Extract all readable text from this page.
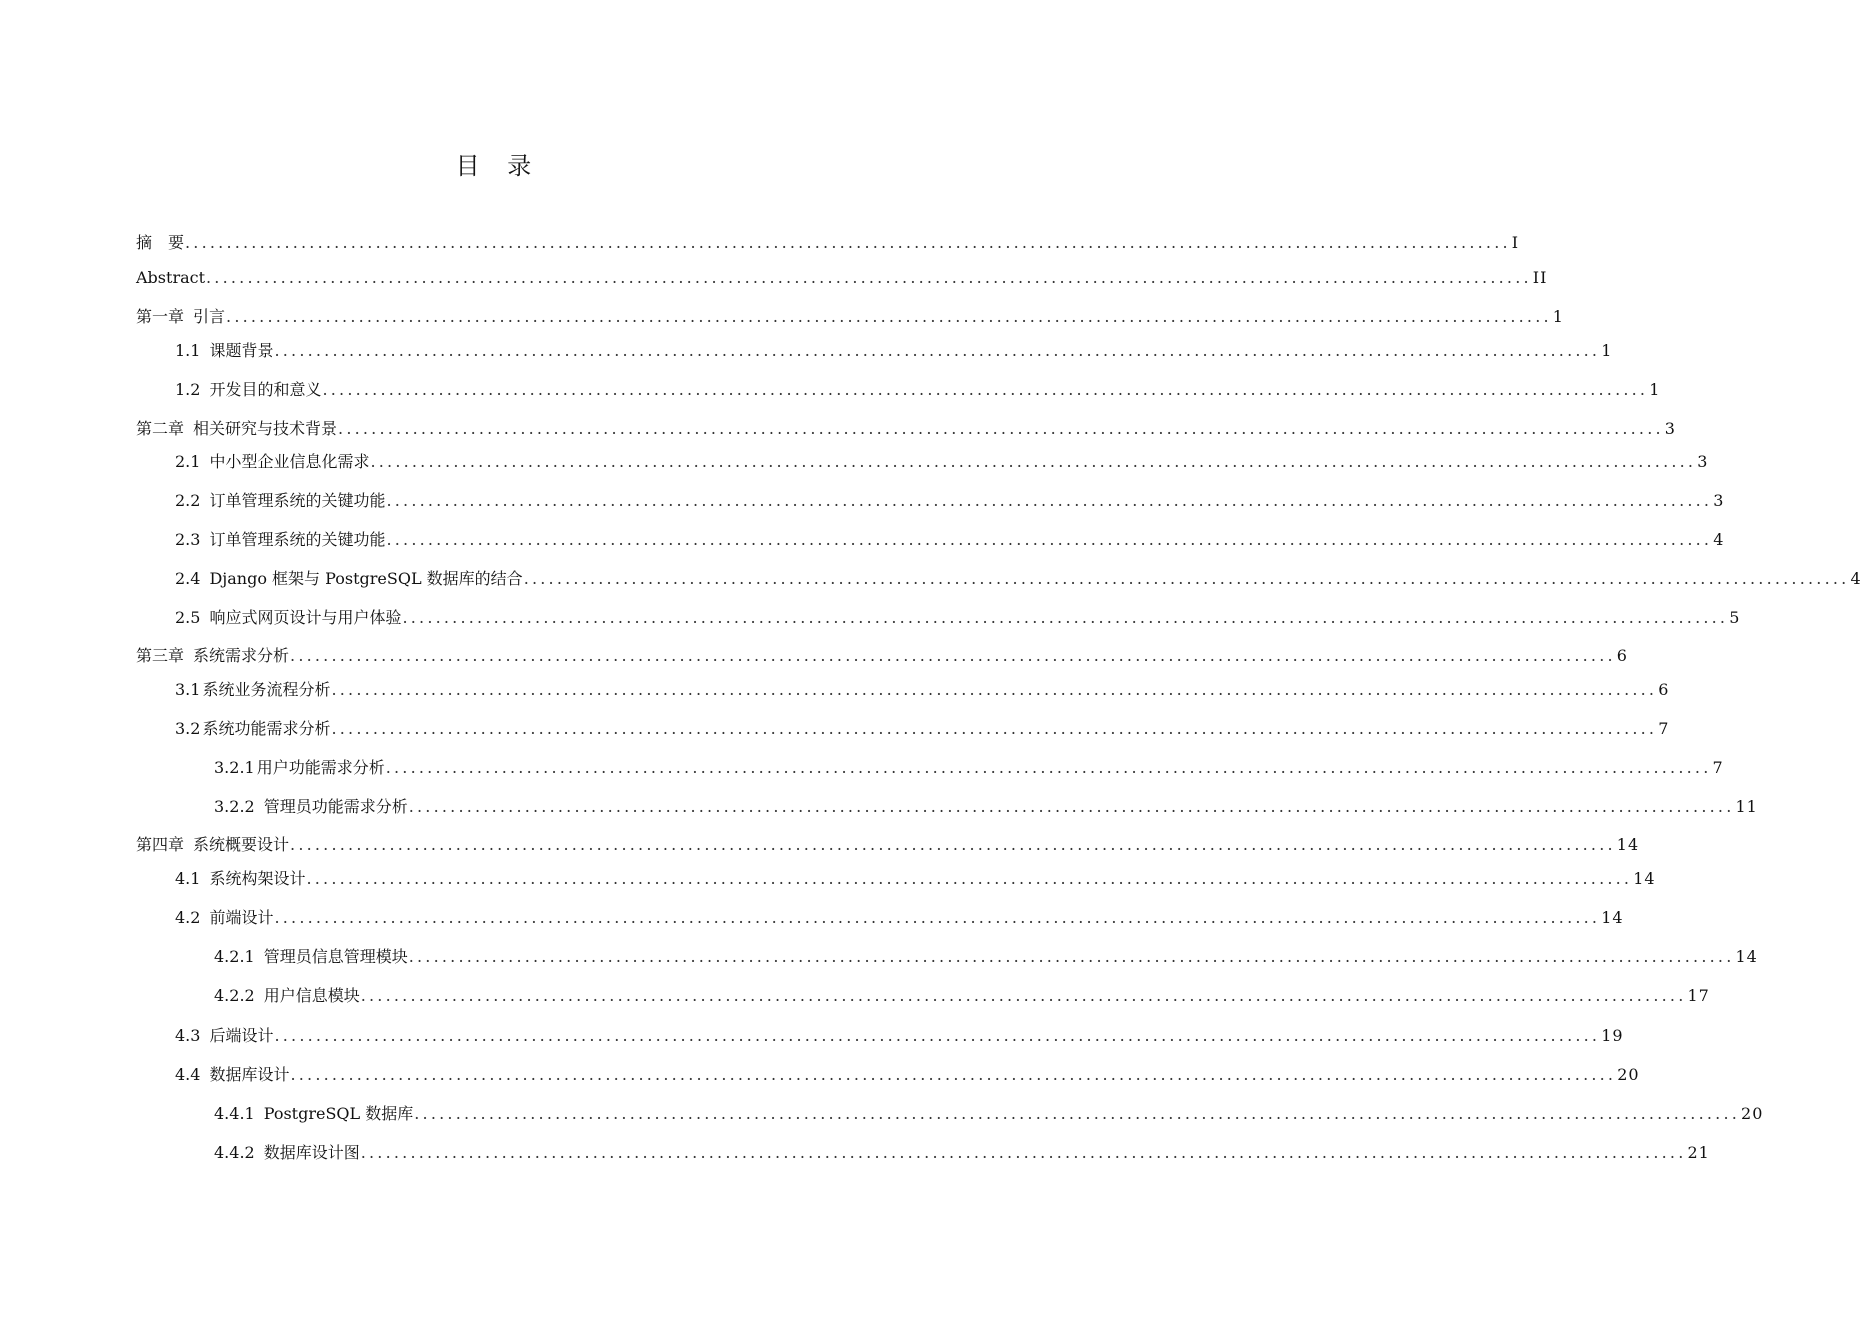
目 录
摘　要 ................................................................................................................................................................ I
Abstract ................................................................................................................................................................ II
第一章 引言 ................................................................................................................................................................ 1
1.1 课题背景 ................................................................................................................................................................ 1
1.2 开发目的和意义 ................................................................................................................................................................ 1
第二章 相关研究与技术背景 ................................................................................................................................................................ 3
2.1 中小型企业信息化需求 ................................................................................................................................................................ 3
2.2 订单管理系统的关键功能 ................................................................................................................................................................ 3
2.3 订单管理系统的关键功能 ................................................................................................................................................................ 4
2.4 Django 框架与 PostgreSQL 数据库的结合 ................................................................................................................................................................ 4
2.5 响应式网页设计与用户体验 ................................................................................................................................................................ 5
第三章 系统需求分析 ................................................................................................................................................................ 6
3.1 系统业务流程分析 ................................................................................................................................................................ 6
3.2 系统功能需求分析 ................................................................................................................................................................ 7
3.2.1 用户功能需求分析 ................................................................................................................................................................ 7
3.2.2 管理员功能需求分析 ................................................................................................................................................................ 11
第四章 系统概要设计 ................................................................................................................................................................ 14
4.1 系统构架设计 ................................................................................................................................................................ 14
4.2 前端设计 ................................................................................................................................................................ 14
4.2.1 管理员信息管理模块 ................................................................................................................................................................ 14
4.2.2 用户信息模块 ................................................................................................................................................................ 17
4.3 后端设计 ................................................................................................................................................................ 19
4.4 数据库设计 ................................................................................................................................................................ 20
4.4.1 PostgreSQL 数据库 ................................................................................................................................................................ 20
4.4.2 数据库设计图 ................................................................................................................................................................ 21
